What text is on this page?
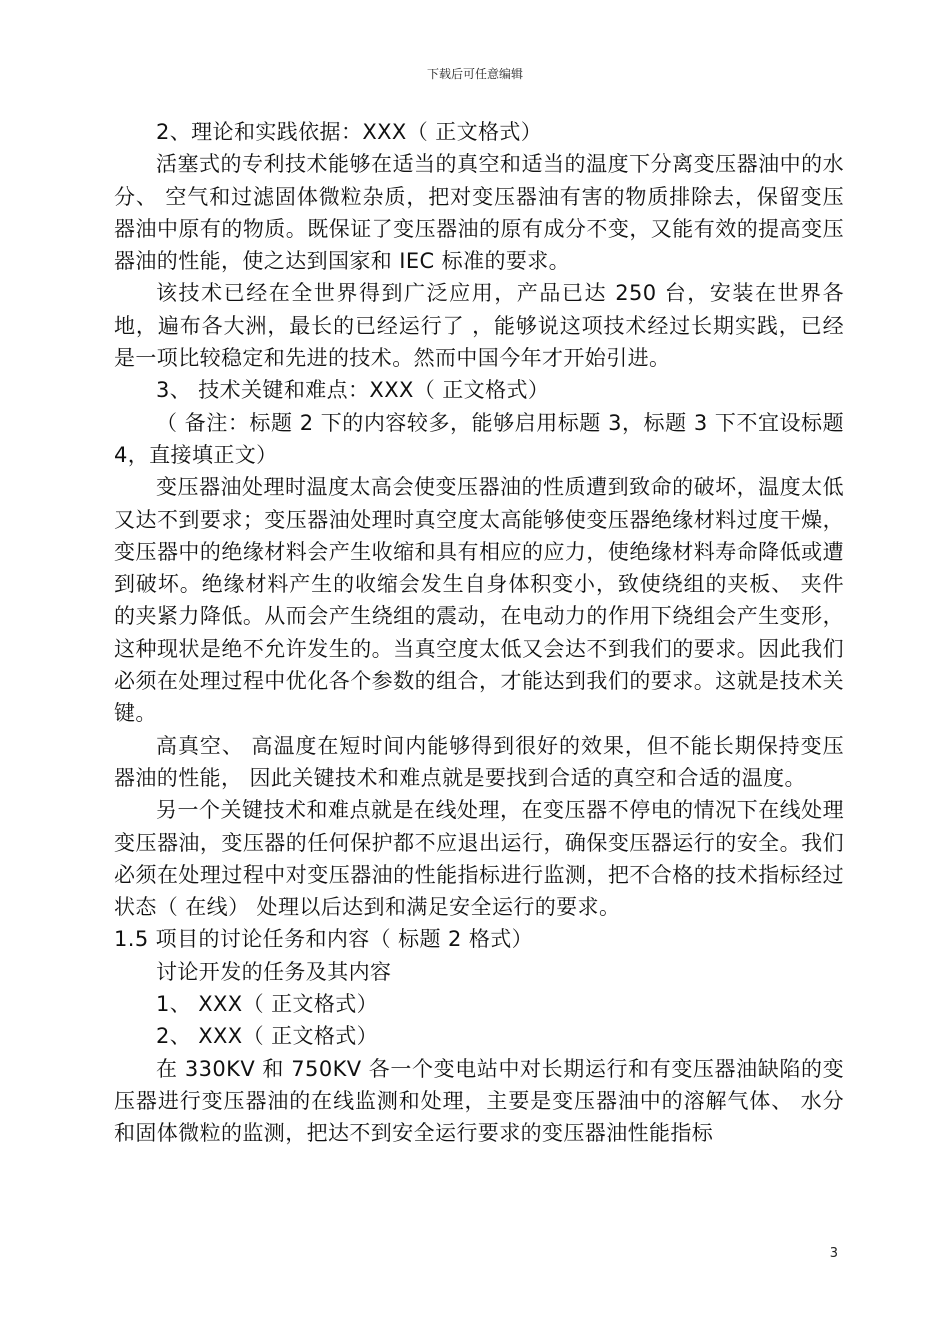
下载后可任意编辑

2、理论和实践依据：XXX（ 正文格式）

活塞式的专利技术能够在适当的真空和适当的温度下分离变压器油中的水分、 空气和过滤固体微粒杂质，把对变压器油有害的物质排除去，保留变压器油中原有的物质。既保证了变压器油的原有成分不变，又能有效的提高变压器油的性能，使之达到国家和 IEC 标准的要求。

该技术已经在全世界得到广泛应用，产品已达 250 台，安装在世界各地，遍布各大洲，最长的已经运行了 ，能够说这项技术经过长期实践，已经是一项比较稳定和先进的技术。然而中国今年才开始引进。

3、 技术关键和难点：XXX（ 正文格式）

（ 备注：标题 2 下的内容较多，能够启用标题 3，标题 3 下不宜设标题 4，直接填正文）

变压器油处理时温度太高会使变压器油的性质遭到致命的破坏，温度太低又达不到要求；变压器油处理时真空度太高能够使变压器绝缘材料过度干燥，变压器中的绝缘材料会产生收缩和具有相应的应力，使绝缘材料寿命降低或遭到破坏。绝缘材料产生的收缩会发生自身体积变小，致使绕组的夹板、 夹件的夹紧力降低。从而会产生绕组的震动，在电动力的作用下绕组会产生变形，这种现状是绝不允许发生的。当真空度太低又会达不到我们的要求。因此我们必须在处理过程中优化各个参数的组合，才能达到我们的要求。这就是技术关键。

高真空、 高温度在短时间内能够得到很好的效果，但不能长期保持变压器油的性能， 因此关键技术和难点就是要找到合适的真空和合适的温度。

另一个关键技术和难点就是在线处理，在变压器不停电的情况下在线处理变压器油，变压器的任何保护都不应退出运行，确保变压器运行的安全。我们必须在处理过程中对变压器油的性能指标进行监测，把不合格的技术指标经过状态（ 在线） 处理以后达到和满足安全运行的要求。

1.5 项目的讨论任务和内容（ 标题 2 格式）

讨论开发的任务及其内容

1、 XXX（ 正文格式）

2、 XXX（ 正文格式）

在 330KV 和 750KV 各一个变电站中对长期运行和有变压器油缺陷的变压器进行变压器油的在线监测和处理，主要是变压器油中的溶解气体、 水分和固体微粒的监测，把达不到安全运行要求的变压器油性能指标

3
